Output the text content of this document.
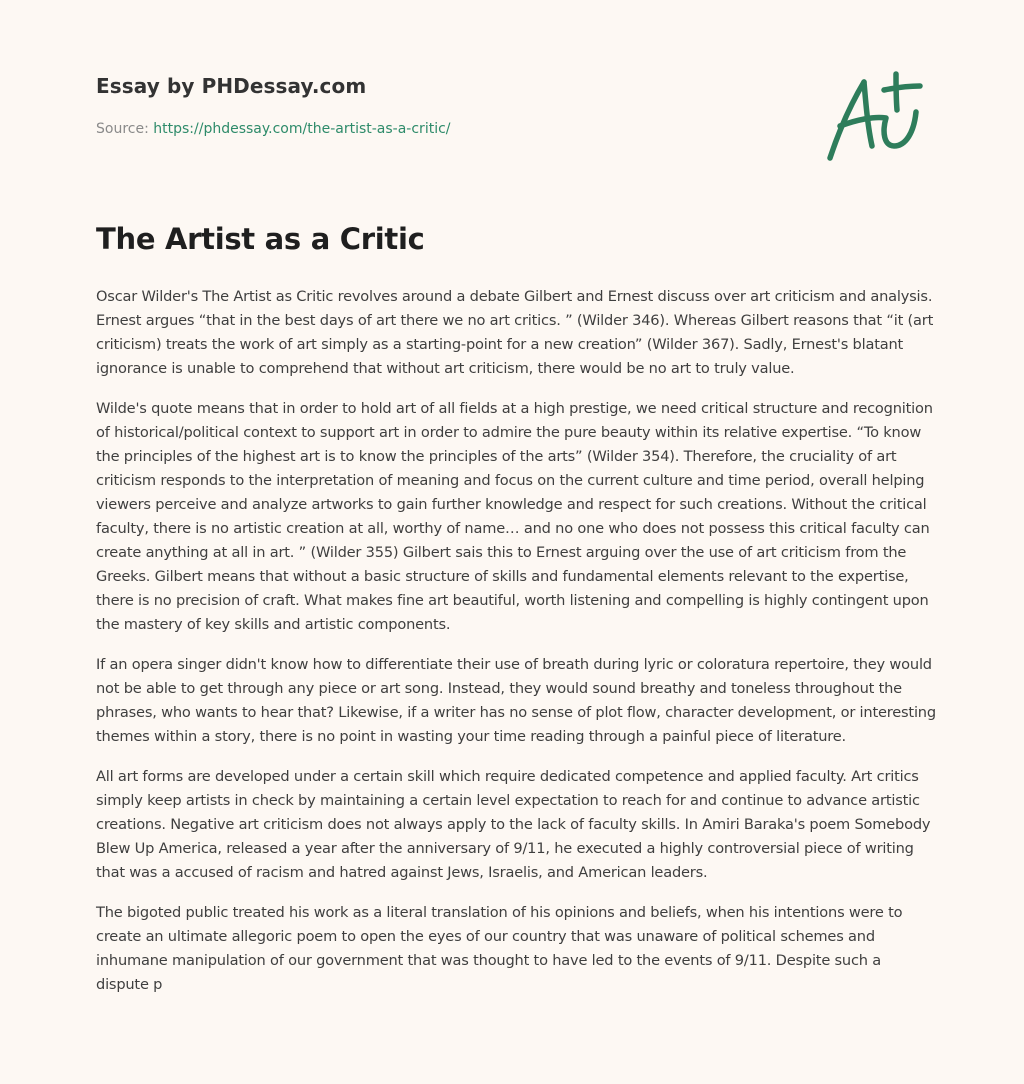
Essay by PHDessay.com

Source: https://phdessay.com/the-artist-as-a-critic/
The Artist as a Critic

Oscar Wilder's The Artist as Critic revolves around a debate Gilbert and Ernest discuss over art criticism and analysis. Ernest argues “that in the best days of art there we no art critics. ” (Wilder 346). Whereas Gilbert reasons that “it (art criticism) treats the work of art simply as a starting-point for a new creation” (Wilder 367). Sadly, Ernest's blatant ignorance is unable to comprehend that without art criticism, there would be no art to truly value.

Wilde's quote means that in order to hold art of all fields at a high prestige, we need critical structure and recognition of historical/political context to support art in order to admire the pure beauty within its relative expertise. “To know the principles of the highest art is to know the principles of the arts” (Wilder 354). Therefore, the cruciality of art criticism responds to the interpretation of meaning and focus on the current culture and time period, overall helping viewers perceive and analyze artworks to gain further knowledge and respect for such creations. Without the critical faculty, there is no artistic creation at all, worthy of name… and no one who does not possess this critical faculty can create anything at all in art. ” (Wilder 355) Gilbert sais this to Ernest arguing over the use of art criticism from the Greeks. Gilbert means that without a basic structure of skills and fundamental elements relevant to the expertise, there is no precision of craft. What makes fine art beautiful, worth listening and compelling is highly contingent upon the mastery of key skills and artistic components.

If an opera singer didn't know how to differentiate their use of breath during lyric or coloratura repertoire, they would not be able to get through any piece or art song. Instead, they would sound breathy and toneless throughout the phrases, who wants to hear that? Likewise, if a writer has no sense of plot flow, character development, or interesting themes within a story, there is no point in wasting your time reading through a painful piece of literature.

All art forms are developed under a certain skill which require dedicated competence and applied faculty. Art critics simply keep artists in check by maintaining a certain level expectation to reach for and continue to advance artistic creations. Negative art criticism does not always apply to the lack of faculty skills. In Amiri Baraka's poem Somebody Blew Up America, released a year after the anniversary of 9/11, he executed a highly controversial piece of writing that was a accused of racism and hatred against Jews, Israelis, and American leaders.

The bigoted public treated his work as a literal translation of his opinions and beliefs, when his intentions were to create an ultimate allegoric poem to open the eyes of our country that was unaware of political schemes and inhumane manipulation of our government that was thought to have led to the events of 9/11. Despite such a dispute p
